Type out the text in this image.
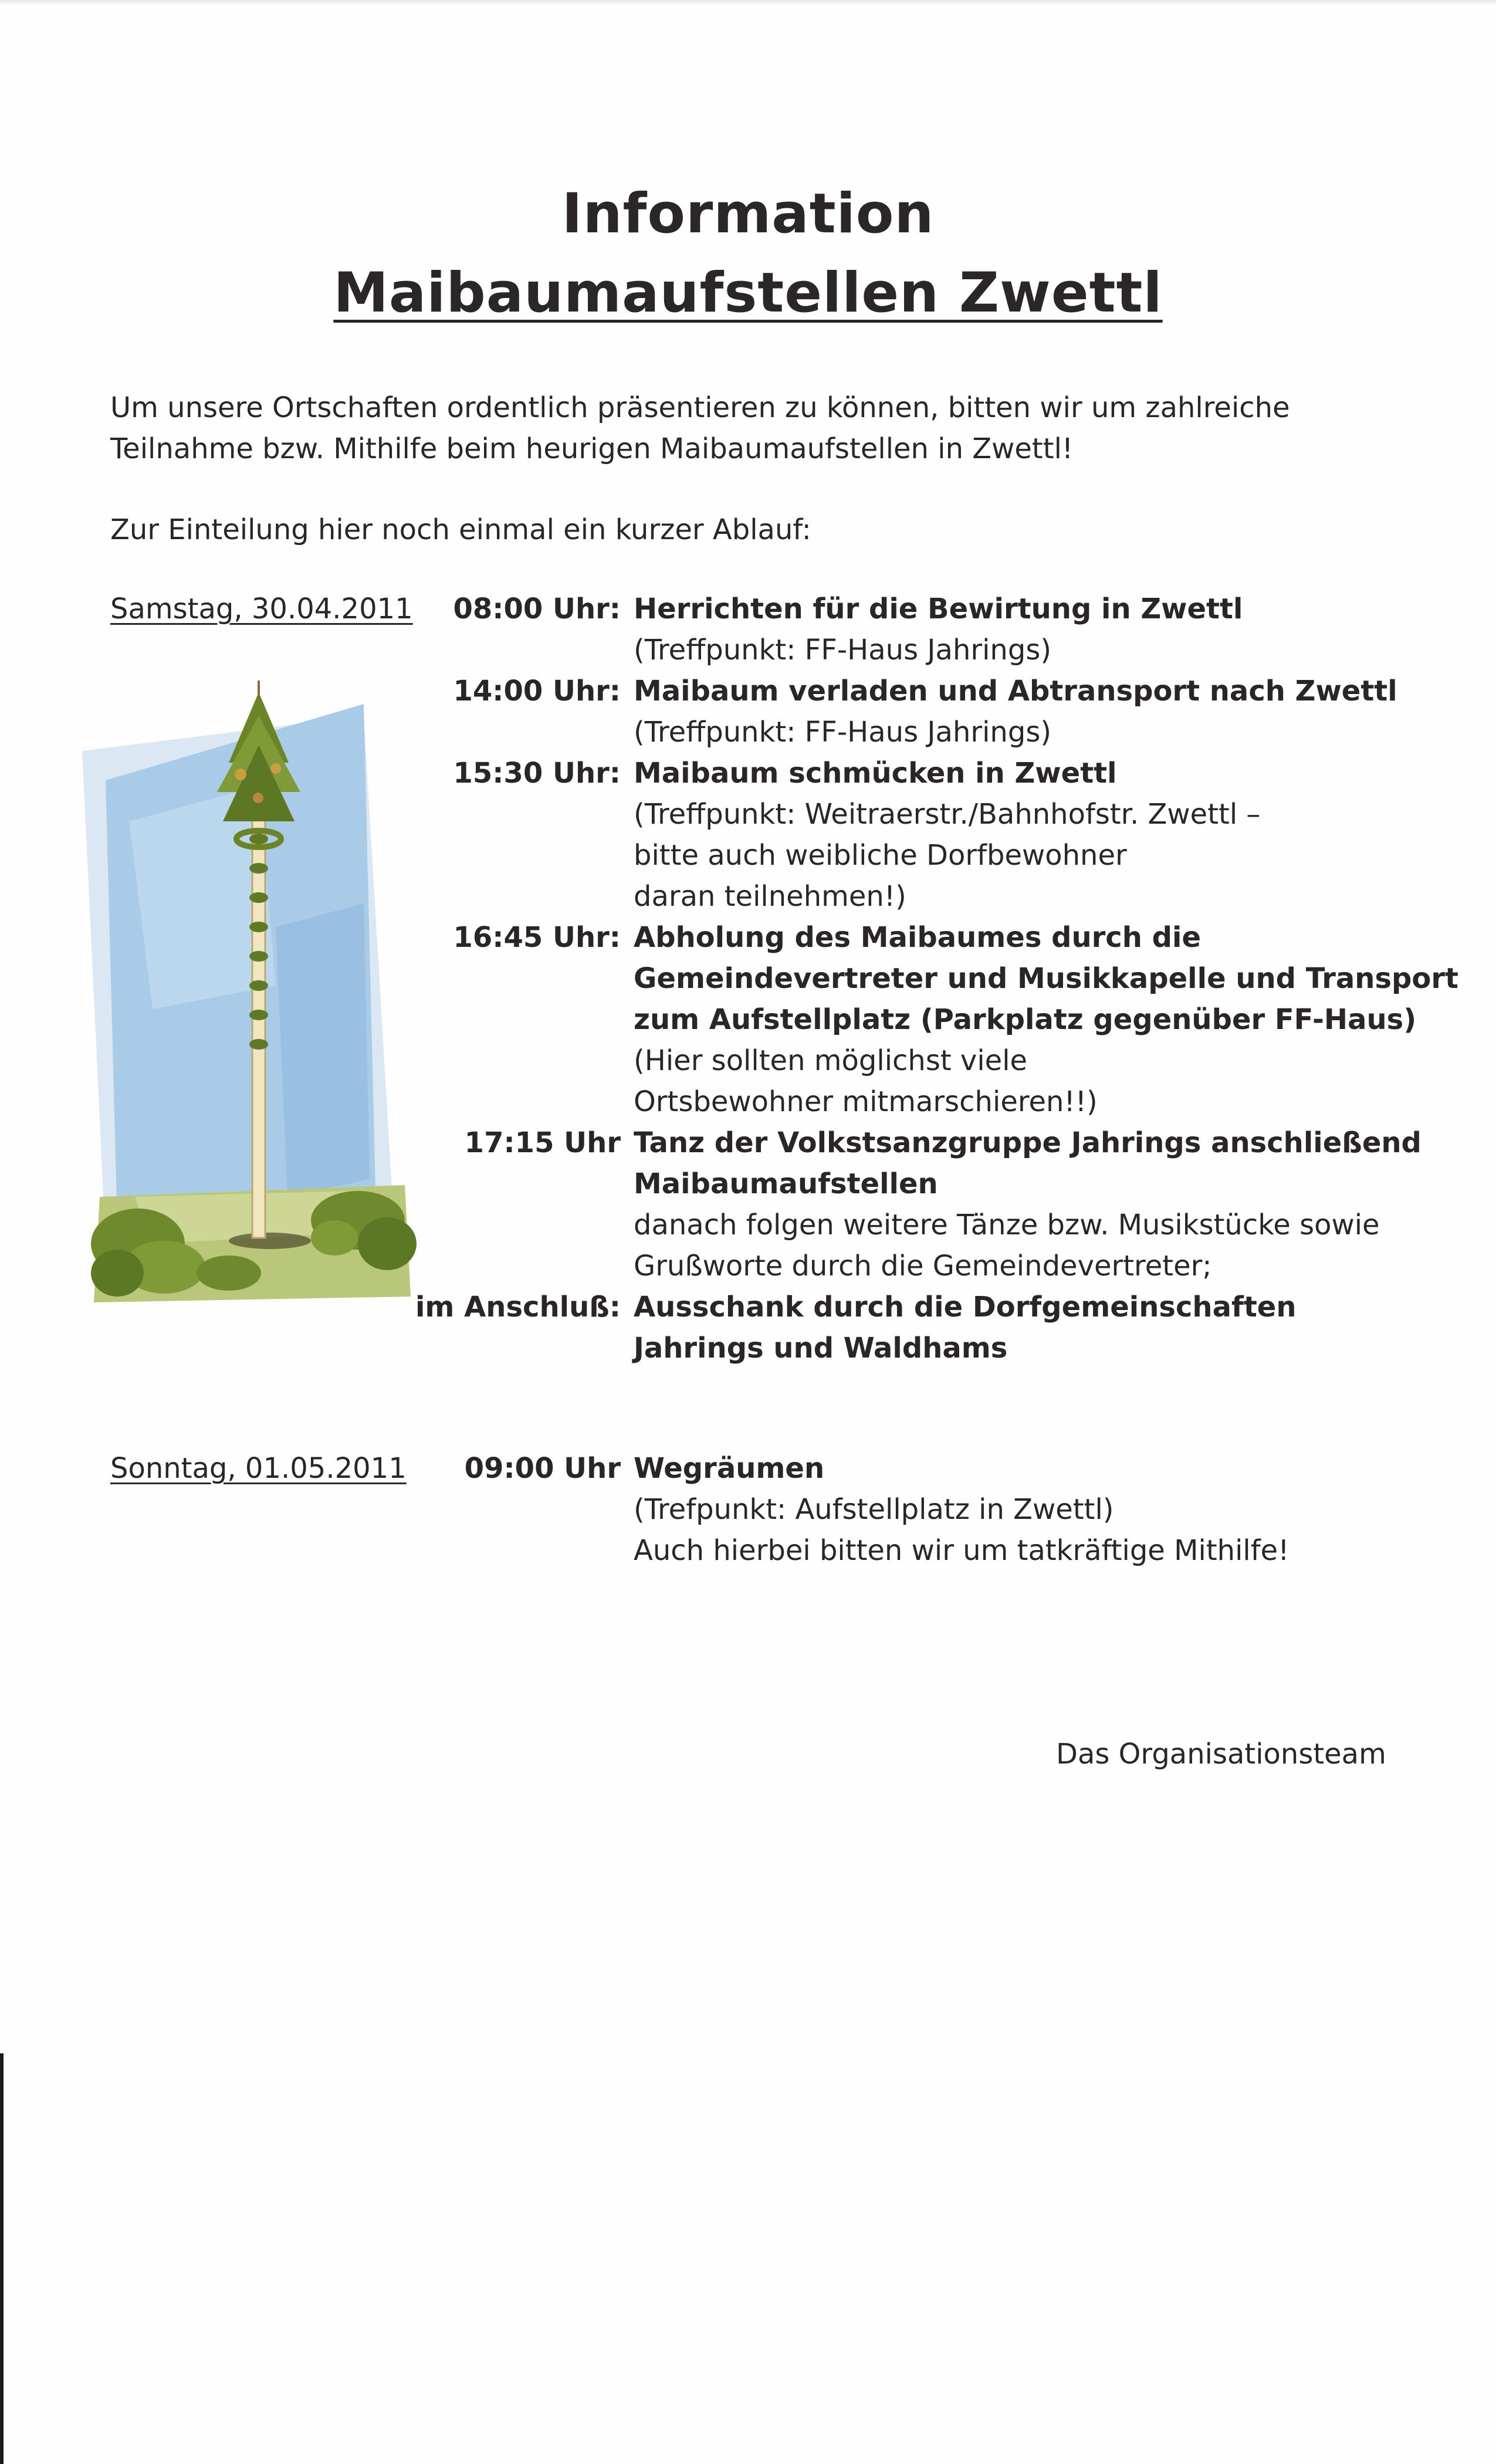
Information
Maibaumaufstellen Zwettl
Um unsere Ortschaften ordentlich präsentieren zu können, bitten wir um zahlreiche Teilnahme bzw. Mithilfe beim heurigen Maibaumaufstellen in Zwettl!
Zur Einteilung hier noch einmal ein kurzer Ablauf:
Samstag, 30.04.2011	08:00 Uhr: Herrichten für die Bewirtung in Zwettl
(Treffpunkt: FF-Haus Jahrings)
14:00 Uhr: Maibaum verladen und Abtransport nach Zwettl
(Treffpunkt: FF-Haus Jahrings)
15:30 Uhr: Maibaum schmücken in Zwettl
(Treffpunkt: Weitraerstr./Bahnhofstr. Zwettl –
bitte auch weibliche Dorfbewohner
daran teilnehmen!)
16:45 Uhr: Abholung des Maibaumes durch die
Gemeindevertreter und Musikkapelle und Transport
zum Aufstellplatz (Parkplatz gegenüber FF-Haus)
(Hier sollten möglichst viele
Ortsbewohner mitmarschieren!!)
17:15 Uhr Tanz der Volkstsanzgruppe Jahrings anschließend
Maibaumaufstellen
danach folgen weitere Tänze bzw. Musikstücke sowie
Grußworte durch die Gemeindevertreter;
im Anschluß: Ausschank durch die Dorfgemeinschaften
Jahrings und Waldhams
Sonntag, 01.05.2011	09:00 Uhr Wegräumen
(Trefpunkt: Aufstellplatz in Zwettl)
Auch hierbei bitten wir um tatkräftige Mithilfe!
Das Organisationsteam
